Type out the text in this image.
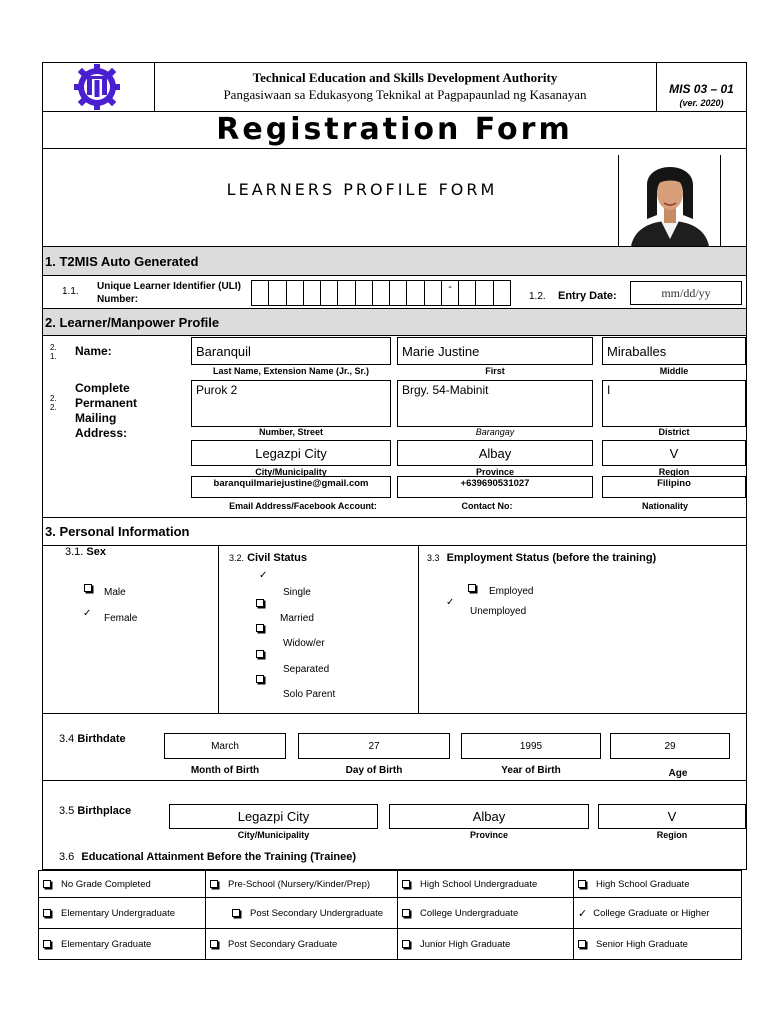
Technical Education and Skills Development Authority
Pangasiwaan sa Edukasyong Teknikal at Pagpapaunlad ng Kasanayan	MIS 03 – 01
(ver. 2020)
Registration Form
LEARNERS PROFILE FORM
1. T2MIS Auto Generated
1.1. Unique Learner Identifier (ULI) Number:
-
1.2. Entry Date:	mm/dd/yy
2. Learner/Manpower Profile
2. 1. Name:	Baranquil	Marie Justine	Miraballes
Last Name, Extension Name (Jr., Sr.)	First	Middle
2. 2.
Complete Permanent Mailing Address:
Purok 2	Brgy. 54-Mabinit	I
Number, Street	Barangay	District
Legazpi City	Albay	V
City/Municipality	Province	Region
baranquilmariejustine@gmail.com	+639690531027	Filipino
Email Address/Facebook Account:	Contact No:	Nationality
3. Personal Information
3.1. Sex
Male
✓ Female
3.2. Civil Status
✓
Single
Married
Widow/er
Separated
Solo Parent
3.3 Employment Status (before the training)
Employed
✓
Unemployed
3.4 Birthdate
March	27	1995	29
Month of Birth	Day of Birth	Year of Birth	Age
3.5 Birthplace	Legazpi City	Albay	V
City/Municipality	Province	Region
3.6 Educational Attainment Before the Training (Trainee)
No Grade Completed	Pre-School (Nursery/Kinder/Prep)	High School Undergraduate	High School Graduate
Elementary Undergraduate	Post Secondary Undergraduate	College Undergraduate	✓ College Graduate or Higher
Elementary Graduate	Post Secondary Graduate	Junior High Graduate	Senior High Graduate
